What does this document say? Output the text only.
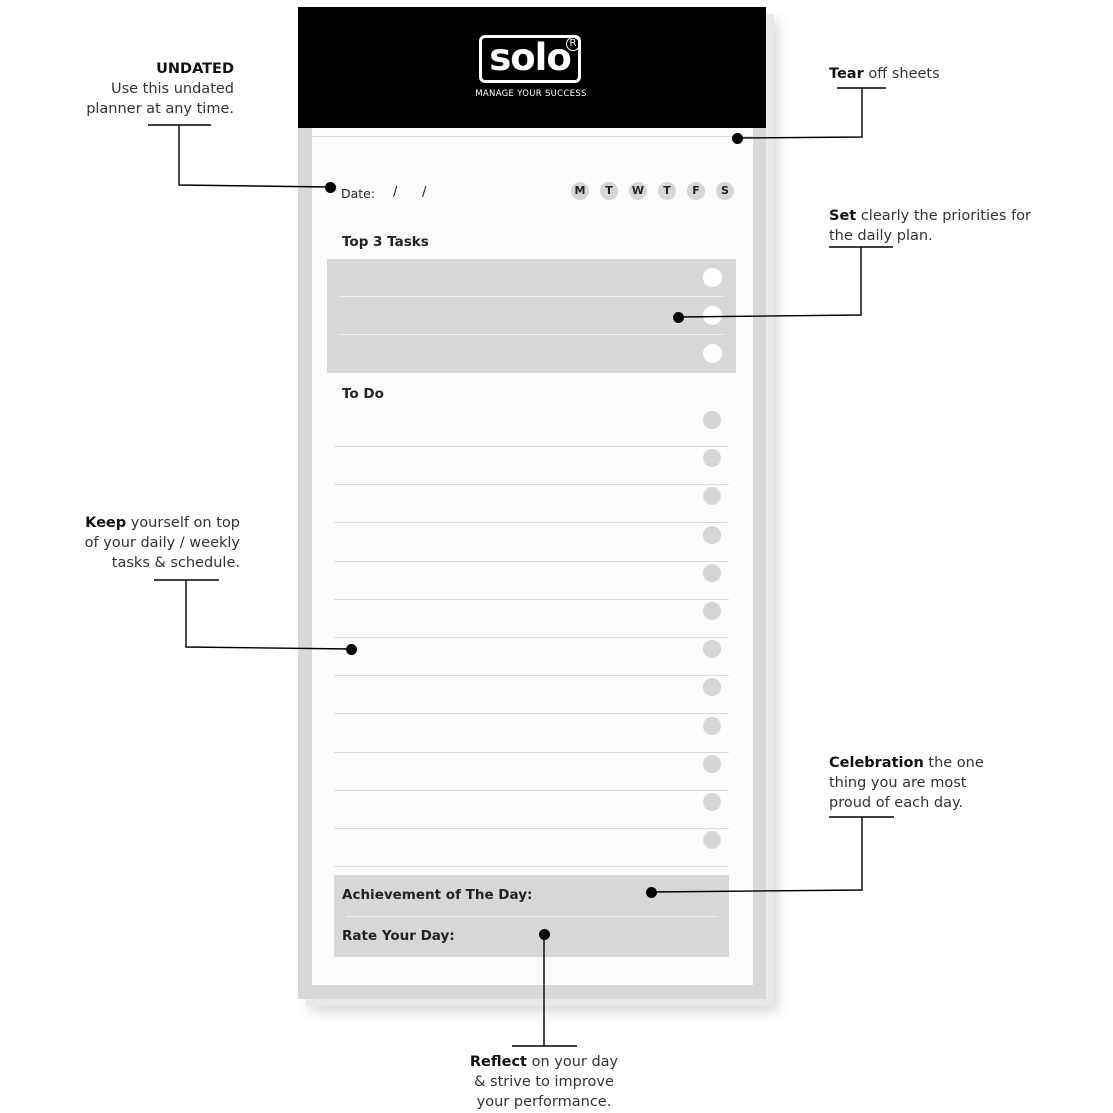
solo
R
MANAGE YOUR SUCCESS
Date: / /	M	T	W	T	F	S
Top 3 Tasks
To Do
Achievement of The Day:
Rate Your Day:
UNDATED
Use this undated
planner at any time.
Tear off sheets
Set clearly the priorities for
the daily plan.
Keep yourself on top
of your daily / weekly
tasks & schedule.
Celebration the one
thing you are most
proud of each day.
Reflect on your day
& strive to improve
your performance.
